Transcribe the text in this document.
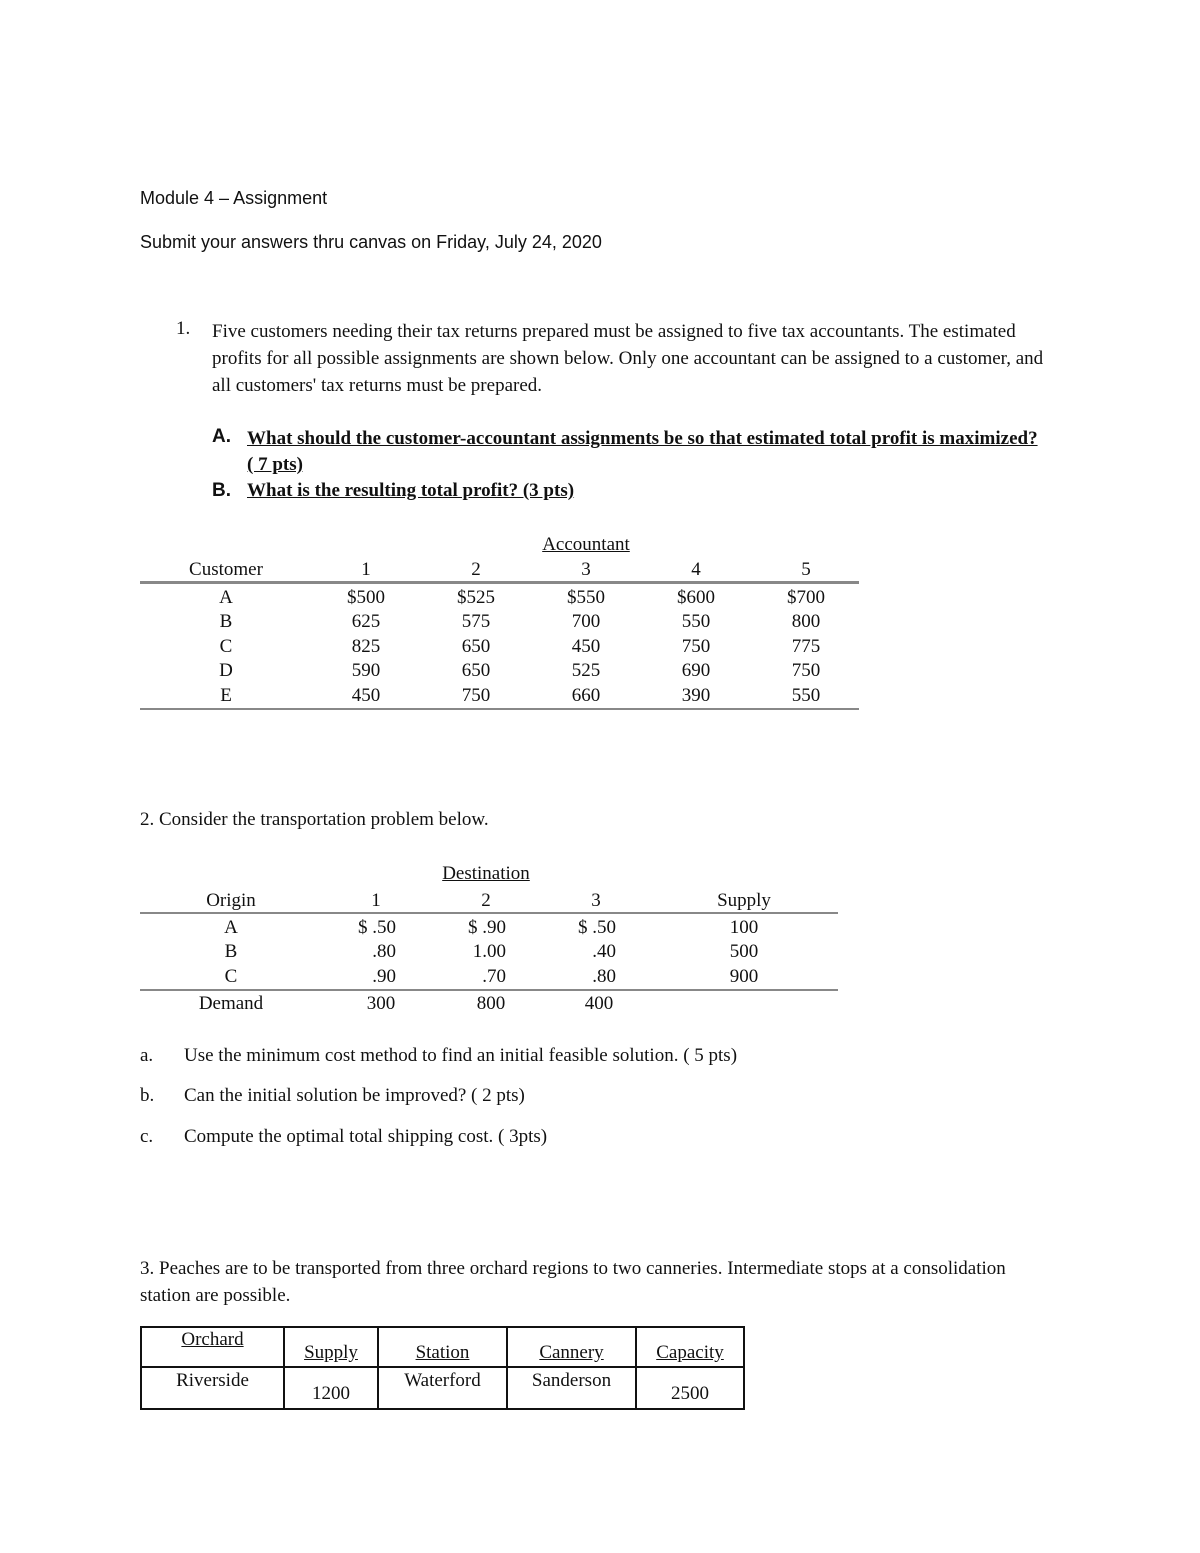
Module 4 – Assignment
Submit your answers thru canvas on Friday, July 24, 2020
1. Five customers needing their tax returns prepared must be assigned to five tax accountants. The estimated profits for all possible assignments are shown below. Only one accountant can be assigned to a customer, and all customers' tax returns must be prepared.
A. What should the customer-accountant assignments be so that estimated total profit is maximized? ( 7 pts)
B. What is the resulting total profit? (3 pts)
Accountant
Customer	1	2	3	4	5
A	$500	$525	$550	$600	$700
B	625	575	700	550	800
C	825	650	450	750	775
D	590	650	525	690	750
E	450	750	660	390	550
2. Consider the transportation problem below.
Destination
Origin	1	2	3	Supply
A	$ .50	$ .90	$ .50	100
B	.80	1.00	.40	500
C	.90	.70	.80	900
Demand	300	800	400
a. Use the minimum cost method to find an initial feasible solution. ( 5 pts)
b. Can the initial solution be improved? ( 2 pts)
c. Compute the optimal total shipping cost. ( 3pts)
3. Peaches are to be transported from three orchard regions to two canneries. Intermediate stops at a consolidation station are possible.
Orchard	Supply	Station	Cannery	Capacity
Riverside	1200	Waterford	Sanderson	2500
